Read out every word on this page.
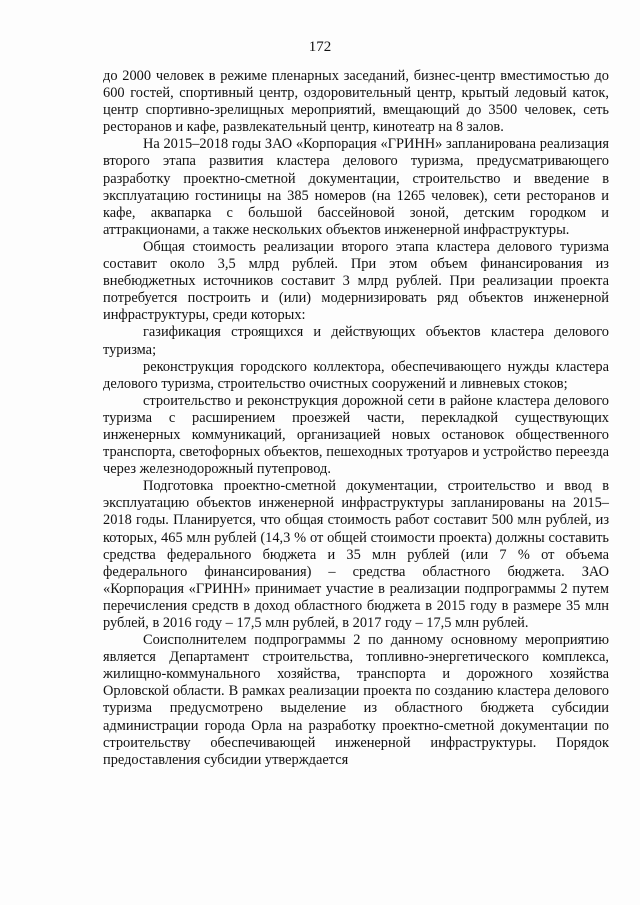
172

до 2000 человек в режиме пленарных заседаний, бизнес-центр вместимостью до 600 гостей, спортивный центр, оздоровительный центр, крытый ледовый каток, центр спортивно-зрелищных мероприятий, вмещающий до 3500 человек, сеть ресторанов и кафе, развлекательный центр, кинотеатр на 8 залов.

На 2015–2018 годы ЗАО «Корпорация «ГРИНН» запланирована реализация второго этапа развития кластера делового туризма, предусматривающего разработку проектно-сметной документации, строительство и введение в эксплуатацию гостиницы на 385 номеров (на 1265 человек), сети ресторанов и кафе, аквапарка с большой бассейновой зоной, детским городком и аттракционами, а также нескольких объектов инженерной инфраструктуры.

Общая стоимость реализации второго этапа кластера делового туризма составит около 3,5 млрд рублей. При этом объем финансирования из внебюджетных источников составит 3 млрд рублей. При реализации проекта потребуется построить и (или) модернизировать ряд объектов инженерной инфраструктуры, среди которых:

газификация строящихся и действующих объектов кластера делового туризма;

реконструкция городского коллектора, обеспечивающего нужды кластера делового туризма, строительство очистных сооружений и ливневых стоков;

строительство и реконструкция дорожной сети в районе кластера делового туризма с расширением проезжей части, перекладкой существующих инженерных коммуникаций, организацией новых остановок общественного транспорта, светофорных объектов, пешеходных тротуаров и устройство переезда через железнодорожный путепровод.

Подготовка проектно-сметной документации, строительство и ввод в эксплуатацию объектов инженерной инфраструктуры запланированы на 2015–2018 годы. Планируется, что общая стоимость работ составит 500 млн рублей, из которых, 465 млн рублей (14,3 % от общей стоимости проекта) должны составить средства федерального бюджета и 35 млн рублей (или 7 % от объема федерального финансирования) – средства областного бюджета. ЗАО «Корпорация «ГРИНН» принимает участие в реализации подпрограммы 2 путем перечисления средств в доход областного бюджета в 2015 году в размере 35 млн рублей, в 2016 году – 17,5 млн рублей, в 2017 году – 17,5 млн рублей.

Соисполнителем подпрограммы 2 по данному основному мероприятию является Департамент строительства, топливно-энергетического комплекса, жилищно-коммунального хозяйства, транспорта и дорожного хозяйства Орловской области. В рамках реализации проекта по созданию кластера делового туризма предусмотрено выделение из областного бюджета субсидии администрации города Орла на разработку проектно-сметной документации по строительству обеспечивающей инженерной инфраструктуры. Порядок предоставления субсидии утверждается
